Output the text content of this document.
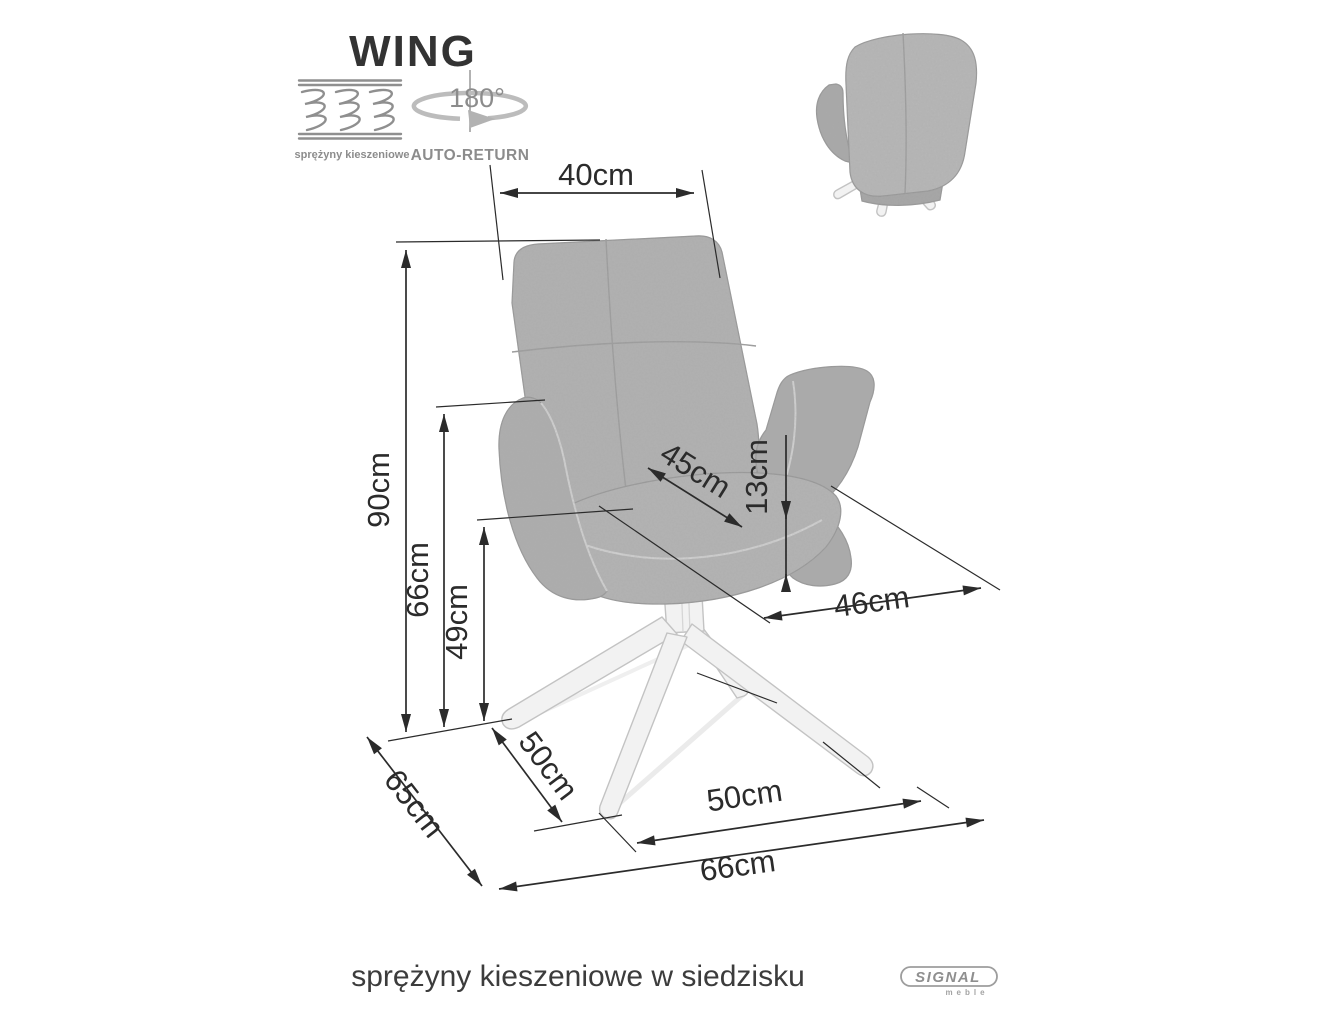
WING
sprężyny kieszeniowe
180°
AUTO-RETURN
40cm
90cm
66cm
49cm
45cm 13cm
46cm
50cm
65cm	50cm
66cm
sprężyny kieszeniowe w siedzisku	SIGNAL
meble
